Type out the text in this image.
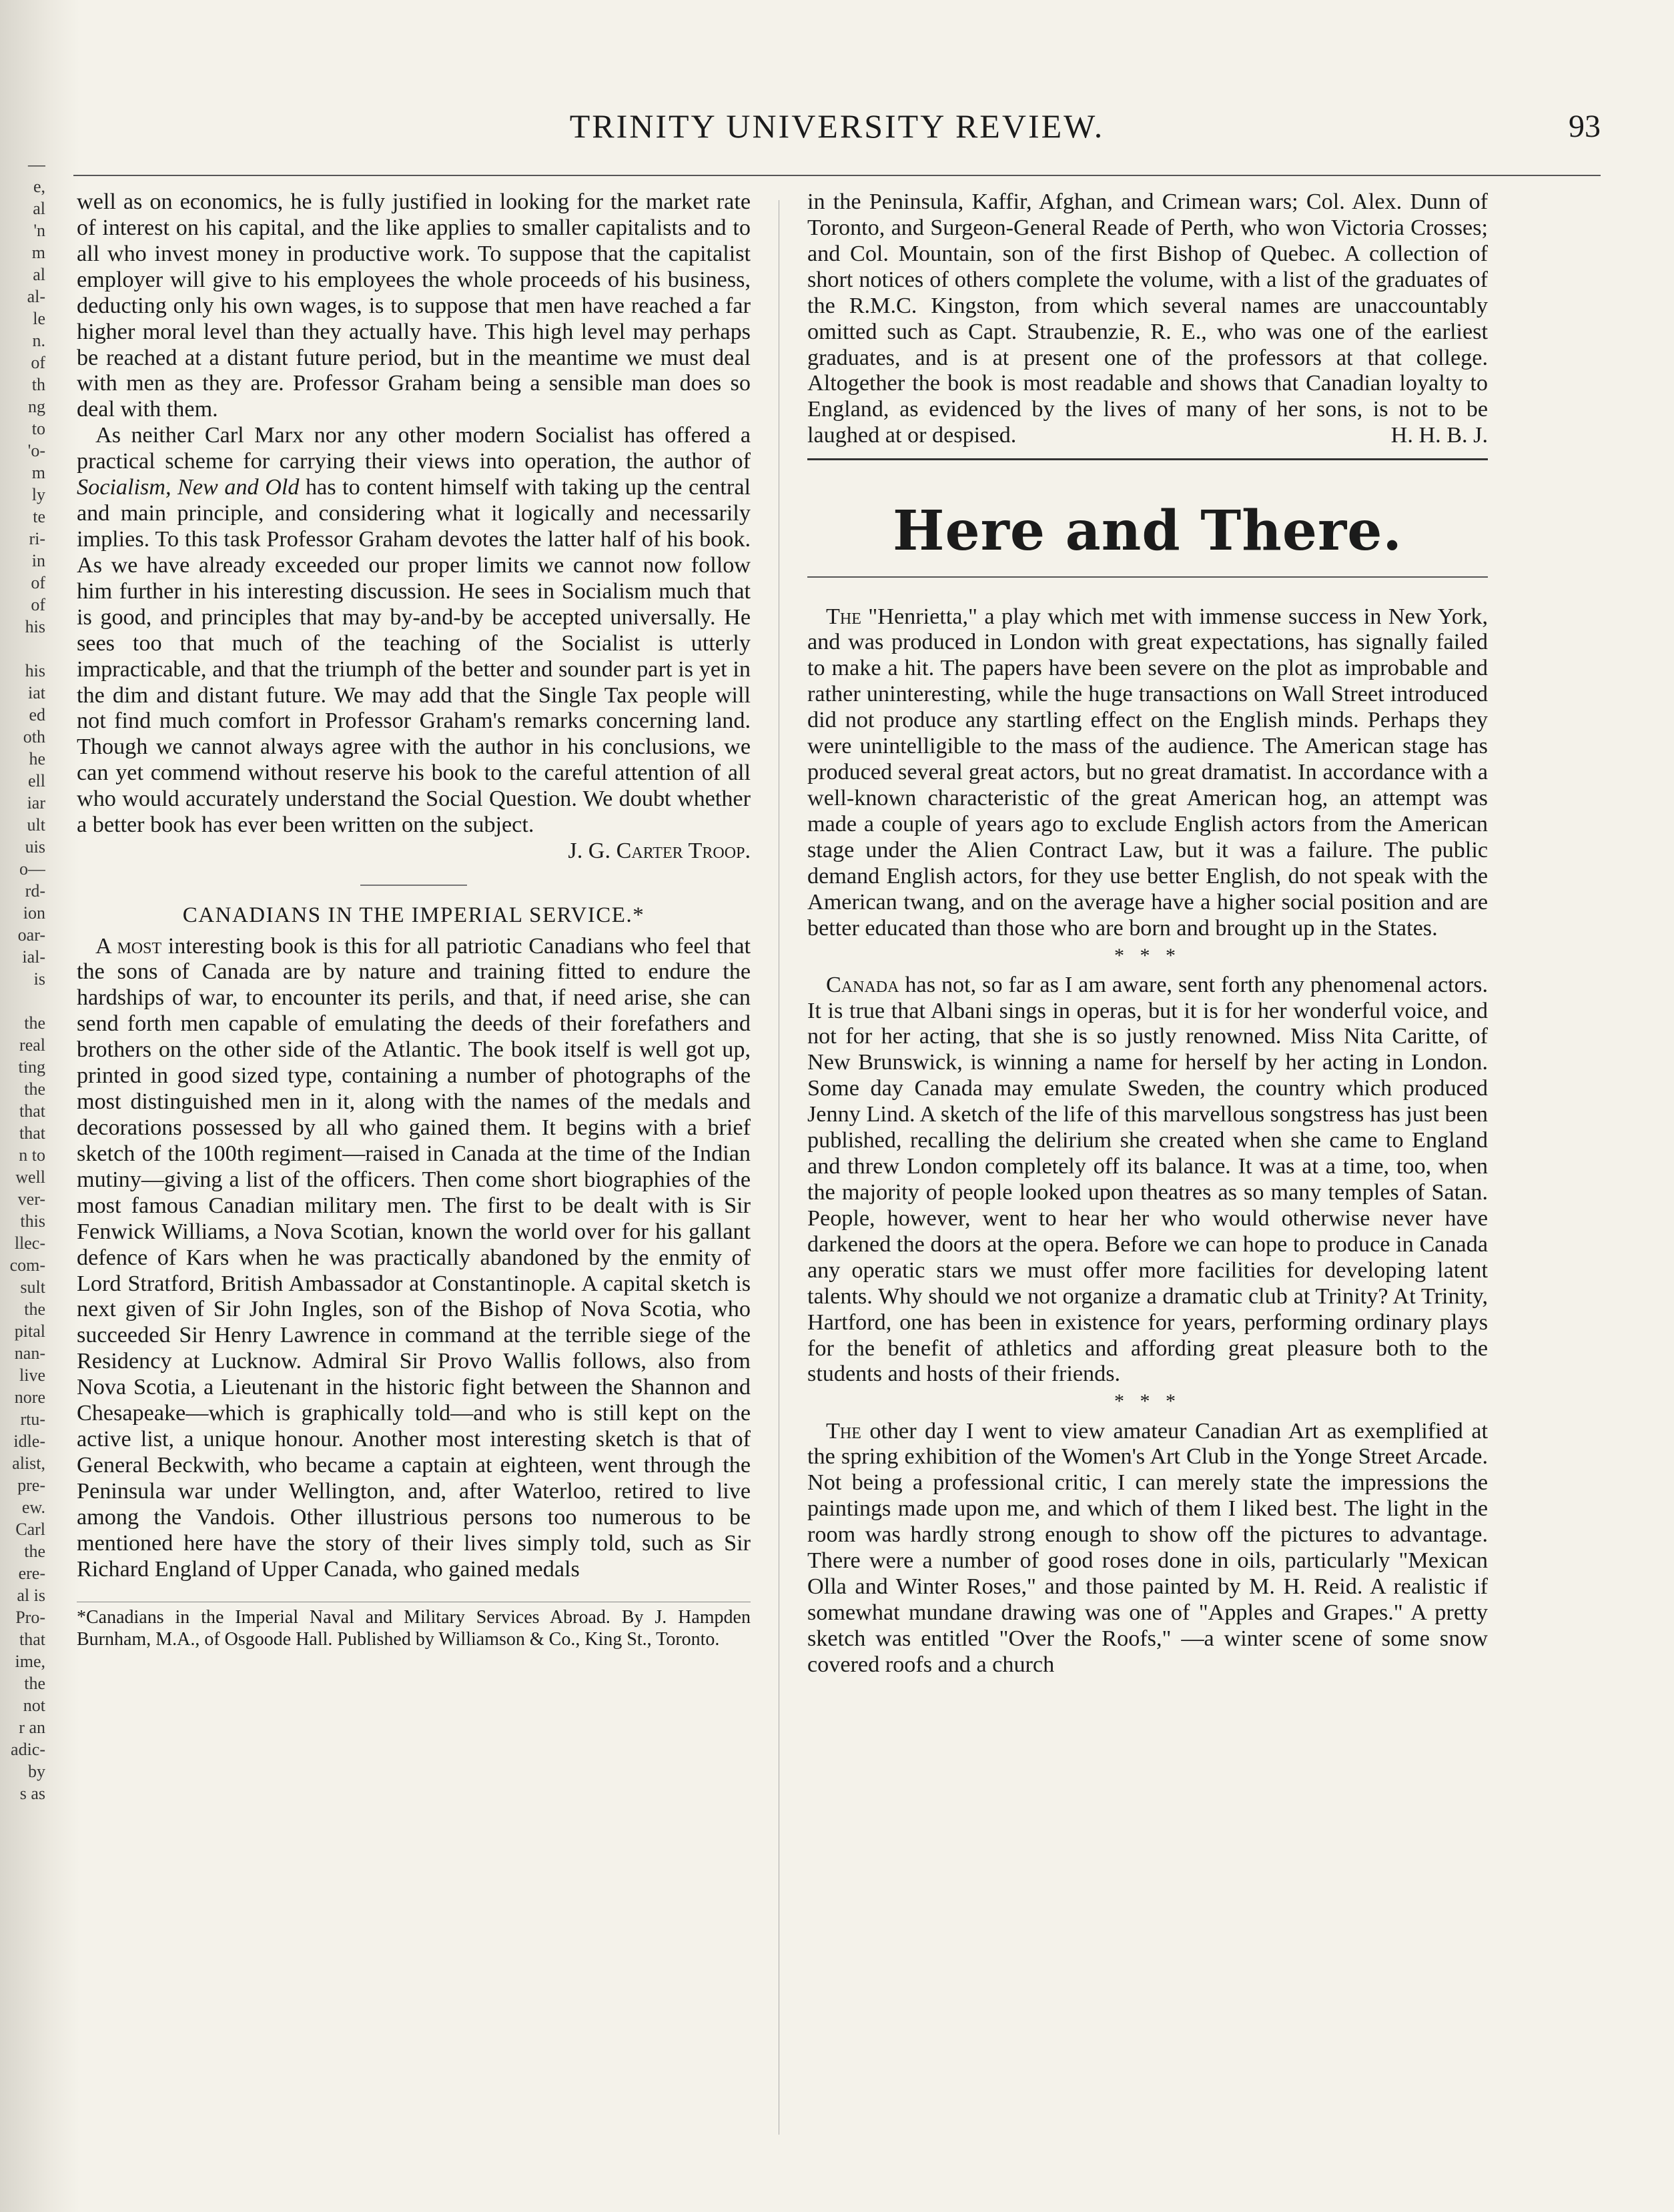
—
e,
al
'n
m
al
al-
le
n.
of
th
ng
to
'o-
m
ly
te
ri-
in
of
of
his

his
iat
ed
oth
he
ell
iar
ult
uis
o—
rd-
ion
oar-
ial-
is

the
real
ting
the
that
that
n to
well
ver-
this
llec-
com-
sult
the
pital
nan-
live
nore
rtu-
idle-
alist,
pre-
ew.
Carl
the
ere-
al is
Pro-
that
ime,
the
not
r an
adic-
by
s as
TRINITY UNIVERSITY REVIEW.	93

well as on economics, he is fully justified in looking for the market rate of interest on his capital, and the like applies to smaller capitalists and to all who invest money in productive work. To suppose that the capitalist employer will give to his employees the whole proceeds of his business, deducting only his own wages, is to suppose that men have reached a far higher moral level than they actually have. This high level may perhaps be reached at a distant future period, but in the meantime we must deal with men as they are. Professor Graham being a sensible man does so deal with them.

As neither Carl Marx nor any other modern Socialist has offered a practical scheme for carrying their views into operation, the author of Socialism, New and Old has to content himself with taking up the central and main principle, and considering what it logically and necessarily implies. To this task Professor Graham devotes the latter half of his book. As we have already exceeded our proper limits we cannot now follow him further in his interesting discussion. He sees in Socialism much that is good, and principles that may by-and-by be accepted universally. He sees too that much of the teaching of the Socialist is utterly impracticable, and that the triumph of the better and sounder part is yet in the dim and distant future. We may add that the Single Tax people will not find much comfort in Professor Graham's remarks concerning land. Though we cannot always agree with the author in his conclusions, we can yet commend without reserve his book to the careful attention of all who would accurately understand the Social Question. We doubt whether a better book has ever been written on the subject.

J. G. Carter Troop.

CANADIANS IN THE IMPERIAL SERVICE.*

A most interesting book is this for all patriotic Canadians who feel that the sons of Canada are by nature and training fitted to endure the hardships of war, to encounter its perils, and that, if need arise, she can send forth men capable of emulating the deeds of their forefathers and brothers on the other side of the Atlantic. The book itself is well got up, printed in good sized type, containing a number of photographs of the most distinguished men in it, along with the names of the medals and decorations possessed by all who gained them. It begins with a brief sketch of the 100th regiment—raised in Canada at the time of the Indian mutiny—giving a list of the officers. Then come short biographies of the most famous Canadian military men. The first to be dealt with is Sir Fenwick Williams, a Nova Scotian, known the world over for his gallant defence of Kars when he was practically abandoned by the enmity of Lord Stratford, British Ambassador at Constantinople. A capital sketch is next given of Sir John Ingles, son of the Bishop of Nova Scotia, who succeeded Sir Henry Lawrence in command at the terrible siege of the Residency at Lucknow. Admiral Sir Provo Wallis follows, also from Nova Scotia, a Lieutenant in the historic fight between the Shannon and Chesapeake—which is graphically told—and who is still kept on the active list, a unique honour. Another most interesting sketch is that of General Beckwith, who became a captain at eighteen, went through the Peninsula war under Wellington, and, after Waterloo, retired to live among the Vandois. Other illustrious persons too numerous to be mentioned here have the story of their lives simply told, such as Sir Richard England of Upper Canada, who gained medals

*Canadians in the Imperial Naval and Military Services Abroad. By J. Hampden Burnham, M.A., of Osgoode Hall. Published by Williamson & Co., King St., Toronto.

in the Peninsula, Kaffir, Afghan, and Crimean wars; Col. Alex. Dunn of Toronto, and Surgeon-General Reade of Perth, who won Victoria Crosses; and Col. Mountain, son of the first Bishop of Quebec. A collection of short notices of others complete the volume, with a list of the graduates of the R.M.C. Kingston, from which several names are unaccountably omitted such as Capt. Straubenzie, R. E., who was one of the earliest graduates, and is at present one of the professors at that college. Altogether the book is most readable and shows that Canadian loyalty to England, as evidenced by the lives of many of her sons, is not to be laughed at or despised.	H. H. B. J.

Here and There.

The "Henrietta," a play which met with immense success in New York, and was produced in London with great expectations, has signally failed to make a hit. The papers have been severe on the plot as improbable and rather uninteresting, while the huge transactions on Wall Street introduced did not produce any startling effect on the English minds. Perhaps they were unintelligible to the mass of the audience. The American stage has produced several great actors, but no great dramatist. In accordance with a well-known characteristic of the great American hog, an attempt was made a couple of years ago to exclude English actors from the American stage under the Alien Contract Law, but it was a failure. The public demand English actors, for they use better English, do not speak with the American twang, and on the average have a higher social position and are better educated than those who are born and brought up in the States.

* * *

Canada has not, so far as I am aware, sent forth any phenomenal actors. It is true that Albani sings in operas, but it is for her wonderful voice, and not for her acting, that she is so justly renowned. Miss Nita Caritte, of New Brunswick, is winning a name for herself by her acting in London. Some day Canada may emulate Sweden, the country which produced Jenny Lind. A sketch of the life of this marvellous songstress has just been published, recalling the delirium she created when she came to England and threw London completely off its balance. It was at a time, too, when the majority of people looked upon theatres as so many temples of Satan. People, however, went to hear her who would otherwise never have darkened the doors at the opera. Before we can hope to produce in Canada any operatic stars we must offer more facilities for developing latent talents. Why should we not organize a dramatic club at Trinity? At Trinity, Hartford, one has been in existence for years, performing ordinary plays for the benefit of athletics and affording great pleasure both to the students and hosts of their friends.

* * *

The other day I went to view amateur Canadian Art as exemplified at the spring exhibition of the Women's Art Club in the Yonge Street Arcade. Not being a professional critic, I can merely state the impressions the paintings made upon me, and which of them I liked best. The light in the room was hardly strong enough to show off the pictures to advantage. There were a number of good roses done in oils, particularly "Mexican Olla and Winter Roses," and those painted by M. H. Reid. A realistic if somewhat mundane drawing was one of "Apples and Grapes." A pretty sketch was entitled "Over the Roofs," —a winter scene of some snow covered roofs and a church
